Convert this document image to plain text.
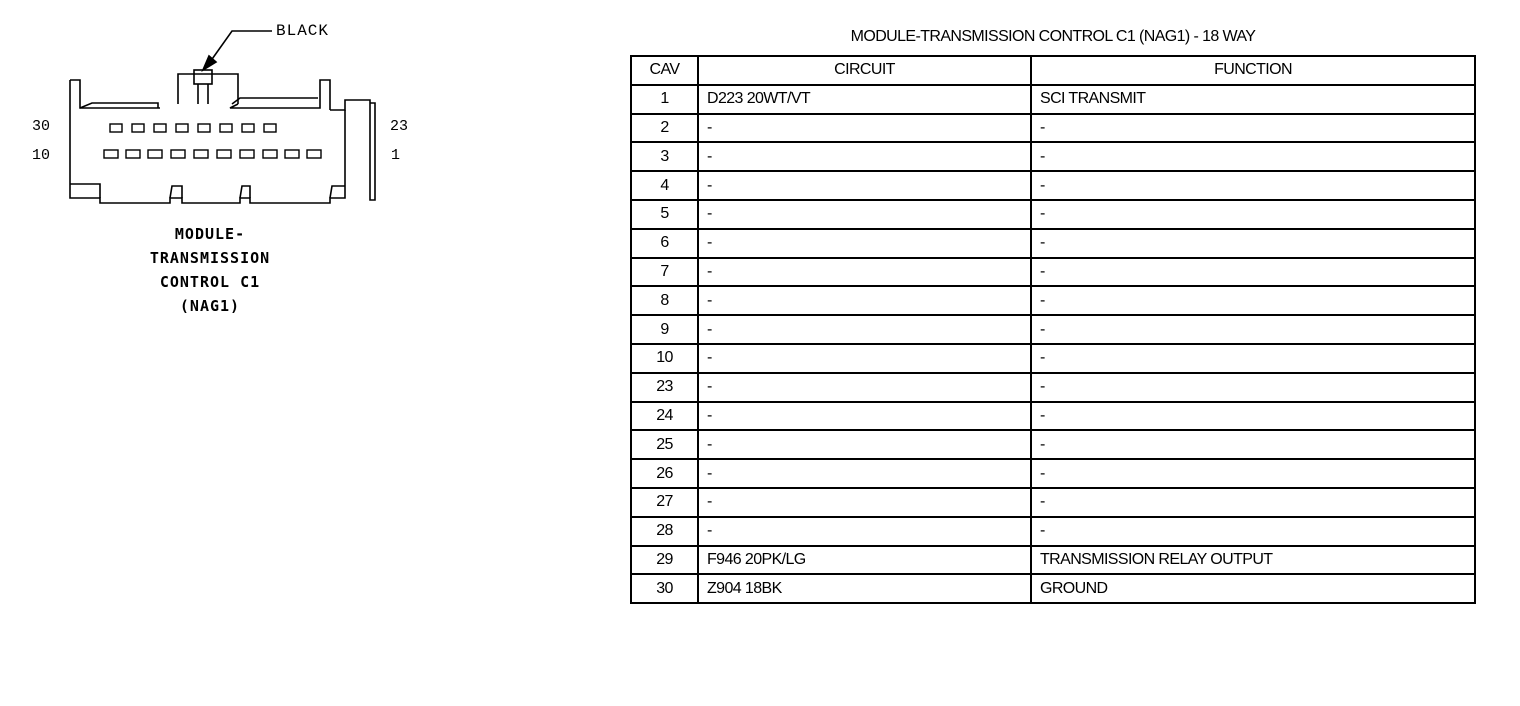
BLACK
30
10
23
1
MODULE-
TRANSMISSION
CONTROL C1
(NAG1)
MODULE-TRANSMISSION CONTROL C1 (NAG1) - 18 WAY
CAV	CIRCUIT	FUNCTION
1	D223 20WT/VT	SCI TRANSMIT
2	-	-
3	-	-
4	-	-
5	-	-
6	-	-
7	-	-
8	-	-
9	-	-
10	-	-
23	-	-
24	-	-
25	-	-
26	-	-
27	-	-
28	-	-
29	F946 20PK/LG	TRANSMISSION RELAY OUTPUT
30	Z904 18BK	GROUND
